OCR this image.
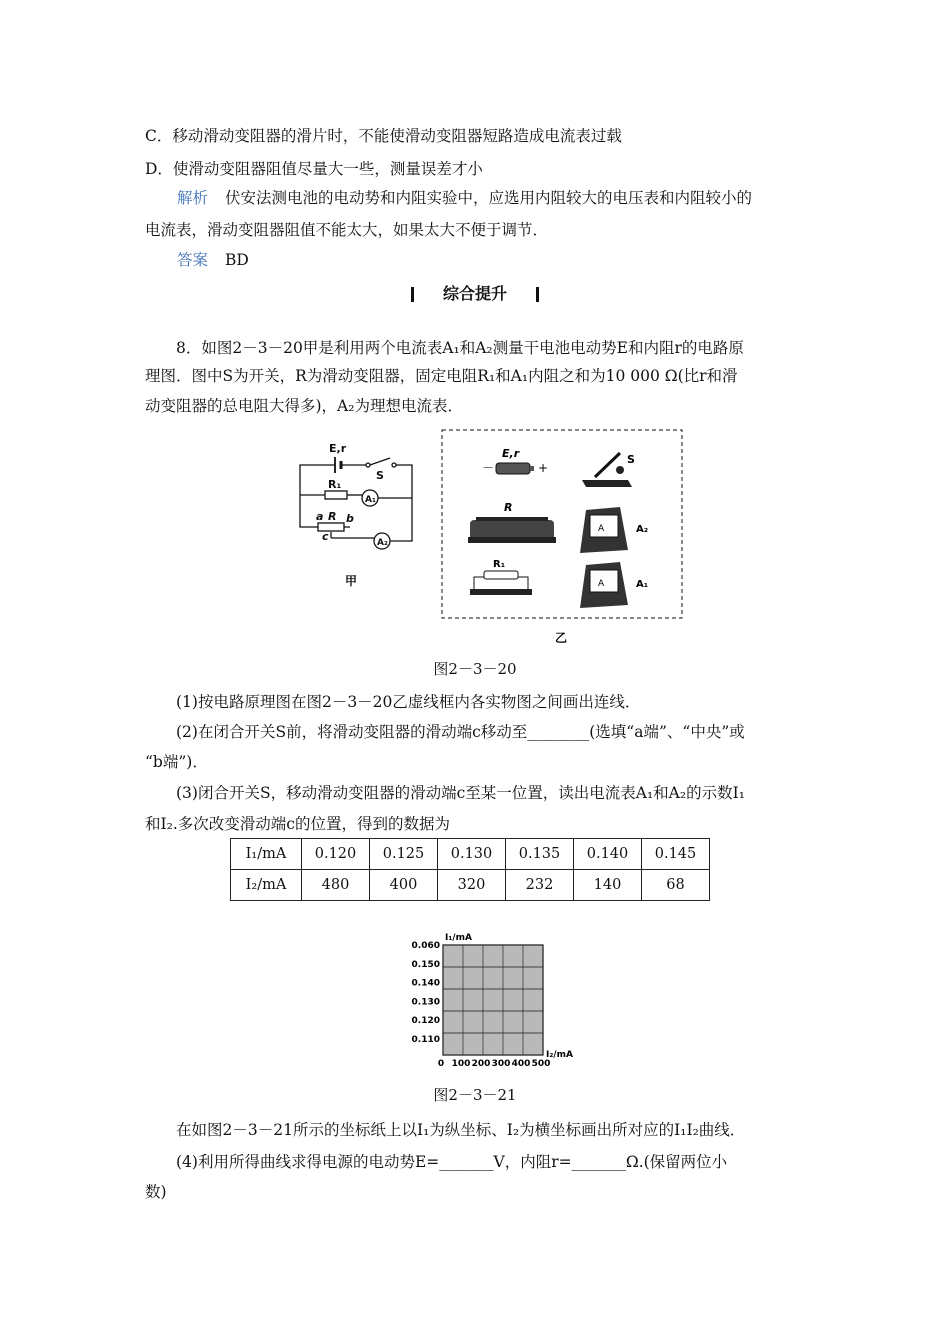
C．移动滑动变阻器的滑片时，不能使滑动变阻器短路造成电流表过载
D．使滑动变阻器阻值尽量大一些，测量误差才小
解析 伏安法测电池的电动势和内阻实验中，应选用内阻较大的电压表和内阻较小的
电流表，滑动变阻器阻值不能太大，如果太大不便于调节．
答案 BD
综合提升
8．如图2－3－20甲是利用两个电流表A₁和A₂测量干电池电动势E和内阻r的电路原
理图．图中S为开关，R为滑动变阻器，固定电阻R₁和A₁内阻之和为10 000 Ω(比r和滑
动变阻器的总电阻大得多)，A₂为理想电流表．
E,r
S
R₁
A₁
a R b
c	A₂
甲
－	+
E,r	S
R
A	A₂
R₁
A	A₁
乙
图2－3－20
(1)按电路原理图在图2－3－20乙虚线框内各实物图之间画出连线．
(2)在闭合开关S前，将滑动变阻器的滑动端c移动至________(选填“a端”、“中央”或
“b端”)．
(3)闭合开关S，移动滑动变阻器的滑动端c至某一位置，读出电流表A₁和A₂的示数I₁
和I₂.多次改变滑动端c的位置，得到的数据为
I₁/mA	0.120	0.125	0.130	0.135	0.140	0.145
I₂/mA	480	400	320	232	140	68
0.060
0.150
0.140
0.130
0.120
0.110
0 100 200 300 400 500
I₁/mA
I₂/mA
图2－3－21
在如图2－3－21所示的坐标纸上以I₁为纵坐标、I₂为横坐标画出所对应的I₁I₂曲线．
(4)利用所得曲线求得电源的电动势E=_______V，内阻r=_______Ω.(保留两位小
数)
